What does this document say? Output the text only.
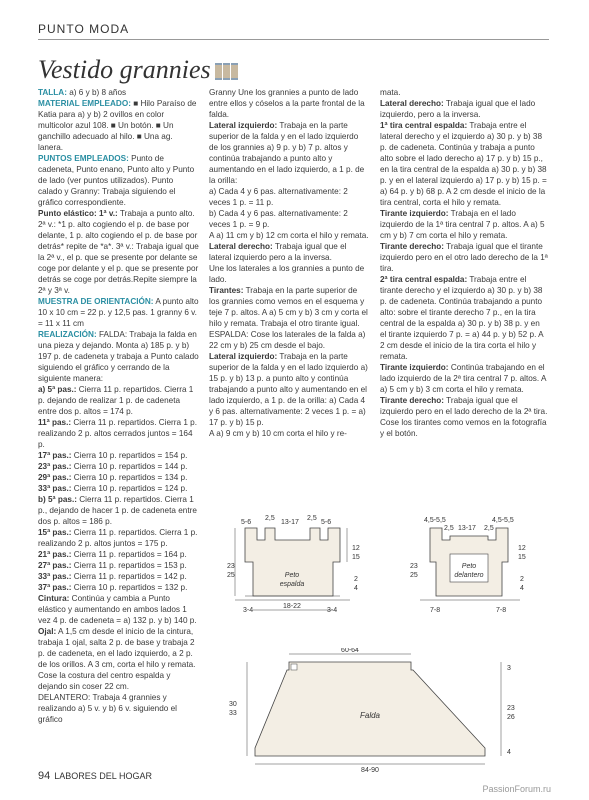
PUNTO MODA
Vestido grannies

TALLA: a) 6 y b) 8 años

MATERIAL EMPLEADO: ■ Hilo Paraíso de Katia para a) y b) 2 ovillos en color multicolor azul 108. ■ Un botón. ■ Un ganchillo adecuado al hilo. ■ Una ag. lanera.

PUNTOS EMPLEADOS: Punto de cadeneta, Punto enano, Punto alto y Punto de lado (ver puntos utilizados). Punto calado y Granny: Trabaja siguiendo el gráfico correspondiente.

Punto elástico: 1ª v.: Trabaja a punto alto. 2ª v.: *1 p. alto cogiendo el p. de base por delante, 1 p. alto cogiendo el p. de base por detrás* repite de *a*. 3ª v.: Trabaja igual que la 2ª v., el p. que se presente por delante se coge por delante y el p. que se presente por detrás se coge por detrás.Repite siempre la 2ª y 3ª v.

MUESTRA DE ORIENTACIÓN: A punto alto 10 x 10 cm = 22 p. y 12,5 pas. 1 granny 6 v. = 11 x 11 cm

REALIZACIÓN: FALDA: Trabaja la falda en una pieza y dejando. Monta a) 185 p. y b) 197 p. de cadeneta y trabaja a Punto calado siguiendo el gráfico y cerrando de la siguiente manera:

a) 5ª pas.: Cierra 11 p. repartidos. Cierra 1 p. dejando de realizar 1 p. de cadeneta entre dos p. altos = 174 p.

11ª pas.: Cierra 11 p. repartidos. Cierra 1 p. realizando 2 p. altos cerrados juntos = 164 p.

17ª pas.: Cierra 10 p. repartidos = 154 p.

23ª pas.: Cierra 10 p. repartidos = 144 p.

29ª pas.: Cierra 10 p. repartidos = 134 p.

33ª pas.: Cierra 10 p. repartidos = 124 p.

b) 5ª pas.: Cierra 11 p. repartidos. Cierra 1 p., dejando de hacer 1 p. de cadeneta entre dos p. altos = 186 p.

15ª pas.: Cierra 11 p. repartidos. Cierra 1 p. realizando 2 p. altos juntos = 175 p.

21ª pas.: Cierra 11 p. repartidos = 164 p.

27ª pas.: Cierra 11 p. repartidos = 153 p.

33ª pas.: Cierra 11 p. repartidos = 142 p.

37ª pas.: Cierra 10 p. repartidos = 132 p.

Cintura: Continúa y cambia a Punto elástico y aumentando en ambos lados 1 vez 4 p. de cadeneta = a) 132 p. y b) 140 p.

Ojal: A 1,5 cm desde el inicio de la cintura, trabaja 1 ojal, salta 2 p. de base y trabaja 2 p. de cadeneta, en el lado izquierdo, a 2 p. de los orillos. A 3 cm, corta el hilo y remata.

Cose la costura del centro espalda y dejando sin coser 22 cm.

DELANTERO: Trabaja 4 grannies y realizando a) 5 v. y b) 6 v. siguiendo el gráfico

Granny Une los grannies a punto de lado entre ellos y cóselos a la parte frontal de la falda.

Lateral izquierdo: Trabaja en la parte superior de la falda y en el lado izquierdo de los grannies a) 9 p. y b) 7 p. altos y continúa trabajando a punto alto y aumentando en el lado izquierdo, a 1 p. de la orilla:

a) Cada 4 y 6 pas. alternativamente: 2 veces 1 p. = 11 p.

b) Cada 4 y 6 pas. alternativamente: 2 veces 1 p. = 9 p.

A a) 11 cm y b) 12 cm corta el hilo y remata.

Lateral derecho: Trabaja igual que el lateral izquierdo pero a la inversa.

Une los laterales a los grannies a punto de lado.

Tirantes: Trabaja en la parte superior de los grannies como vemos en el esquema y teje 7 p. altos. A a) 5 cm y b) 3 cm y corta el hilo y remata. Trabaja el otro tirante igual.

ESPALDA: Cose los laterales de la falda a) 22 cm y b) 25 cm desde el bajo.

Lateral izquierdo: Trabaja en la parte superior de la falda y en el lado izquierdo a) 15 p. y b) 13 p. a punto alto y continúa trabajando a punto alto y aumentando en el lado izquierdo, a 1 p. de la orilla: a) Cada 4 y 6 pas. alternativamente: 2 veces 1 p. = a) 17 p. y b) 15 p.

A a) 9 cm y b) 10 cm corta el hilo y re-

mata.

Lateral derecho: Trabaja igual que el lado izquierdo, pero a la inversa.

1ª tira central espalda: Trabaja entre el lateral derecho y el izquierdo a) 30 p. y b) 38 p. de cadeneta. Continúa y trabaja a punto alto sobre el lado derecho a) 17 p. y b) 15 p., en la tira central de la espalda a) 30 p. y b) 38 p. y en el lateral izquierdo a) 17 p. y b) 15 p. = a) 64 p. y b) 68 p. A 2 cm desde el inicio de la tira central, corta el hilo y remata.

Tirante izquierdo: Trabaja en el lado izquierdo de la 1ª tira central 7 p. altos. A a) 5 cm y b) 7 cm corta el hilo y remata.

Tirante derecho: Trabaja igual que el tirante izquierdo pero en el otro lado derecho de la 1ª tira.

2ª tira central espalda: Trabaja entre el tirante derecho y el izquierdo a) 30 p. y b) 38 p. de cadeneta. Continúa trabajando a punto alto: sobre el tirante derecho 7 p., en la tira central de la espalda a) 30 p. y b) 38 p. y en el tirante izquierdo 7 p. = a) 44 p. y b) 52 p. A 2 cm desde el inicio de la tira corta el hilo y remata.

Tirante izquierdo: Continúa trabajando en el lado izquierdo de la 2ª tira central 7 p. altos. A a) 5 cm y b) 3 cm corta el hilo y remata.

Tirante derecho: Trabaja igual que el izquierdo pero en el lado derecho de la 2ª tira. Cose los tirantes como vemos en la fotografía y el botón.

Peto
espalda
5-6
2,5
13-17
2,5
5-6
12
15
23
25
2
4
3-4
18-22
3-4
Peto
delantero
4,5-5,5	4,5-5,5
2,5 13-17 2,5
23
25
12
15
2
4
7-8	7-8
Falda
60-64
84-90
30
33
3
23
26
4
94 LABORES DEL HOGAR
PassionForum.ru
